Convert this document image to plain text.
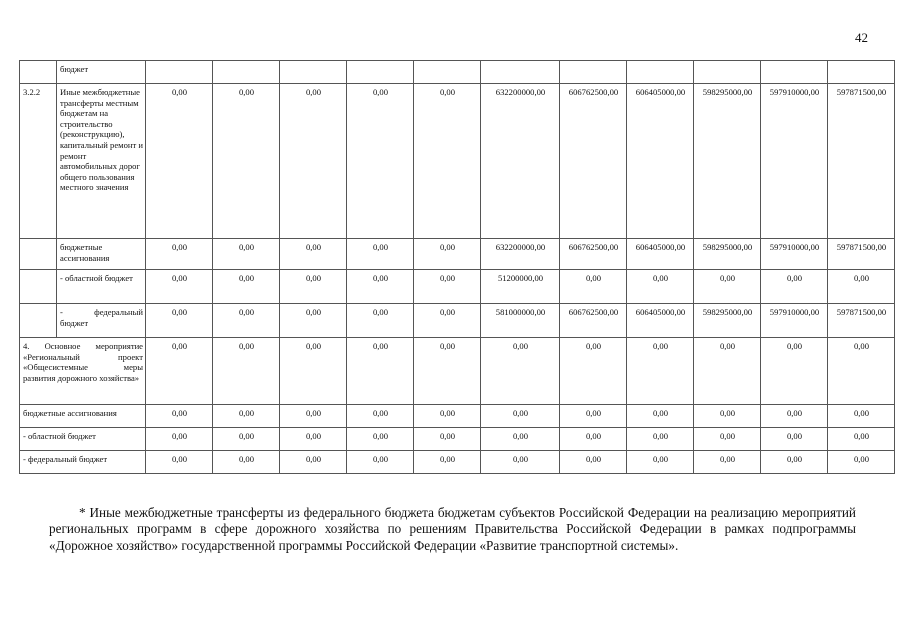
42
	бюджет											
3.2.2	Иные межбюджетные трансферты местным бюджетам на строительство (реконструкцию), капитальный ремонт и ремонт автомобильных дорог общего пользования местного значения	0,00	0,00	0,00	0,00	0,00	632200000,00	606762500,00	606405000,00	598295000,00	597910000,00	597871500,00
	бюджетные ассигнования	0,00	0,00	0,00	0,00	0,00	632200000,00	606762500,00	606405000,00	598295000,00	597910000,00	597871500,00
	- областной бюджет	0,00	0,00	0,00	0,00	0,00	51200000,00	0,00	0,00	0,00	0,00	0,00
	- федеральный бюджет	0,00	0,00	0,00	0,00	0,00	581000000,00	606762500,00	606405000,00	598295000,00	597910000,00	597871500,00
4. Основное мероприятие «Региональный проект «Общесистемные меры развития дорожного хозяйства»		0,00	0,00	0,00	0,00	0,00	0,00	0,00	0,00	0,00	0,00	0,00
бюджетные ассигнования		0,00	0,00	0,00	0,00	0,00	0,00	0,00	0,00	0,00	0,00	0,00
- областной бюджет		0,00	0,00	0,00	0,00	0,00	0,00	0,00	0,00	0,00	0,00	0,00
- федеральный бюджет		0,00	0,00	0,00	0,00	0,00	0,00	0,00	0,00	0,00	0,00	0,00

* Иные межбюджетные трансферты из федерального бюджета бюджетам субъектов Российской Федерации на реализацию мероприятий региональных программ в сфере дорожного хозяйства по решениям Правительства Российской Федерации в рамках подпрограммы «Дорожное хозяйство» государственной программы Российской Федерации «Развитие транспортной системы».
